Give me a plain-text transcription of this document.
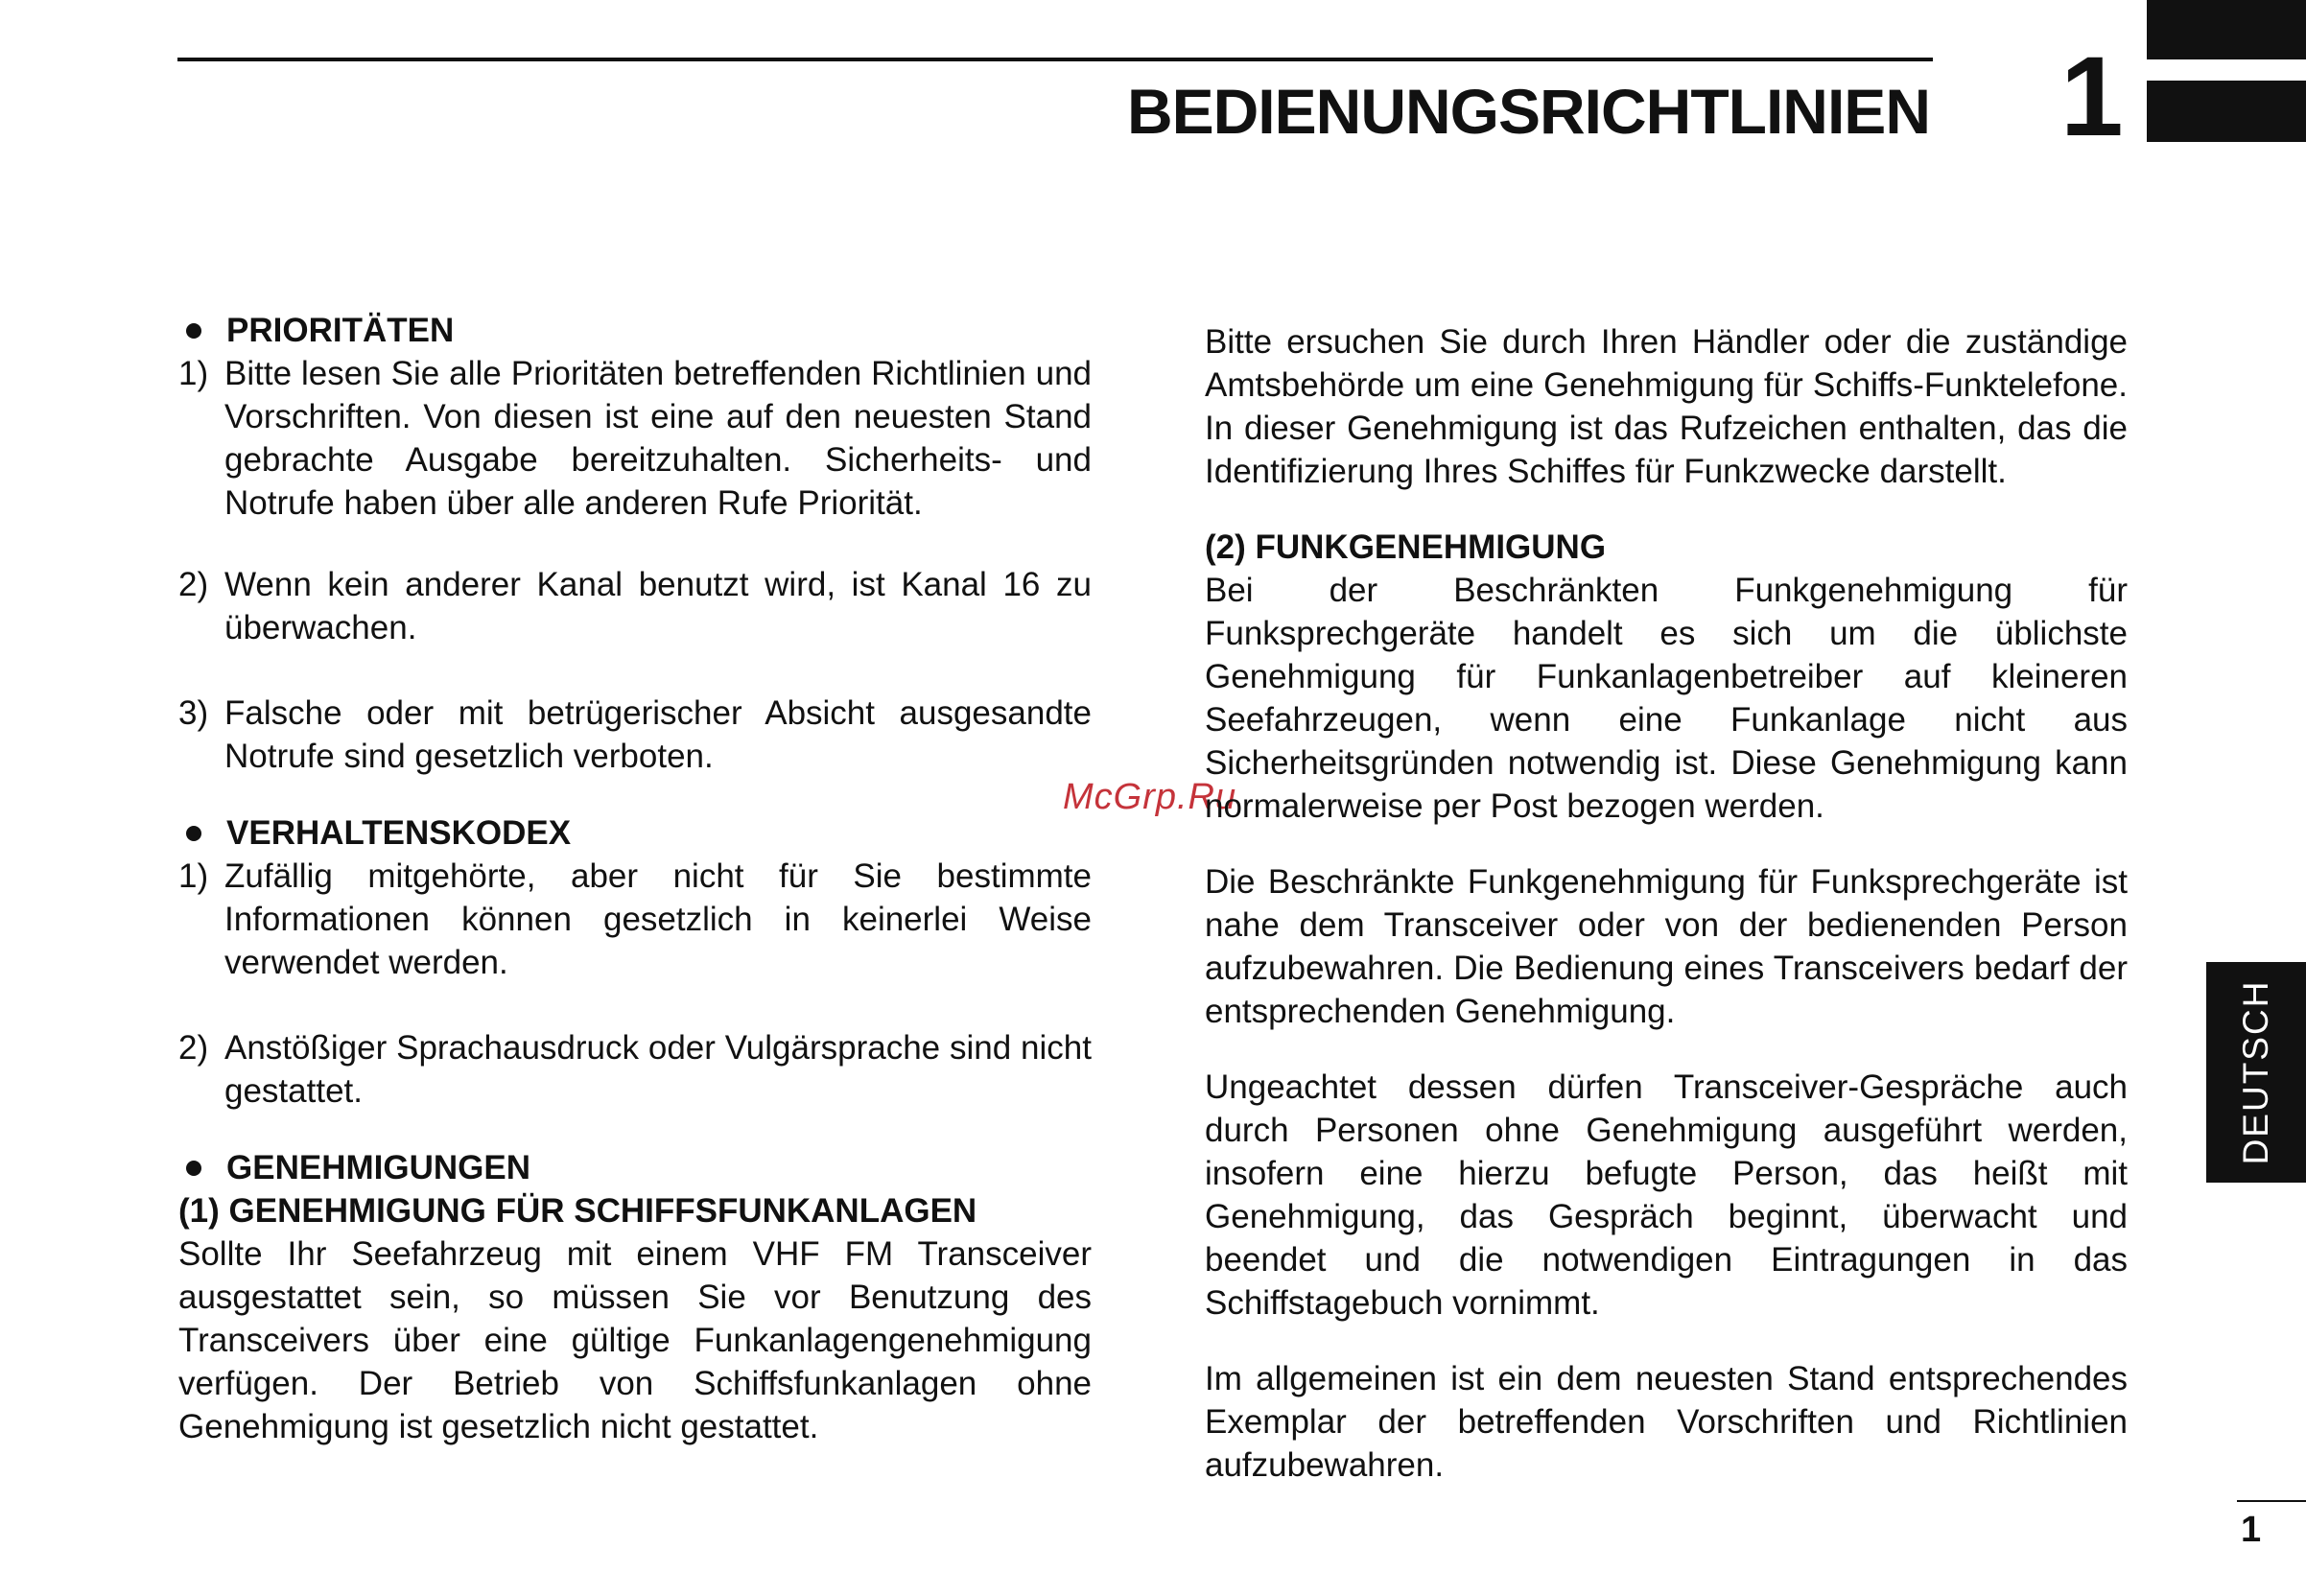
BEDIENUNGSRICHTLINIEN 1
DEUTSCH
McGrp.Ru
PRIORITÄTEN
1) Bitte lesen Sie alle Prioritäten betreffenden Richtlinien und Vorschriften. Von diesen ist eine auf den neuesten Stand gebrachte Ausgabe bereitzuhalten. Sicherheits- und Notrufe haben über alle anderen Rufe Priorität.

2) Wenn kein anderer Kanal benutzt wird, ist Kanal 16 zu überwachen.

3) Falsche oder mit betrügerischer Absicht ausgesandte Notrufe sind gesetzlich verboten.

VERHALTENSKODEX
1) Zufällig mitgehörte, aber nicht für Sie bestimmte Informationen können gesetzlich in keinerlei Weise verwendet werden.

2) Anstößiger Sprachausdruck oder Vulgärsprache sind nicht gestattet.

GENEHMIGUNGEN
(1) GENEHMIGUNG FÜR SCHIFFSFUNKANLAGEN

Sollte Ihr Seefahrzeug mit einem VHF FM Transceiver ausgestattet sein, so müssen Sie vor Benutzung des Transceivers über eine gültige Funkanlagengenehmigung verfügen. Der Betrieb von Schiffsfunkanlagen ohne Genehmigung ist gesetzlich nicht gestattet.

Bitte ersuchen Sie durch Ihren Händler oder die zuständige Amtsbehörde um eine Genehmigung für Schiffs-Funktelefone. In dieser Genehmigung ist das Rufzeichen enthalten, das die Identifizierung Ihres Schiffes für Funkzwecke darstellt.

(2) FUNKGENEHMIGUNG

Bei der Beschränkten Funkgenehmigung für Funksprechgeräte handelt es sich um die üblichste Genehmigung für Funkanlagenbetreiber auf kleineren Seefahrzeugen, wenn eine Funkanlage nicht aus Sicherheitsgründen notwendig ist. Diese Genehmigung kann normalerweise per Post bezogen werden.

Die Beschränkte Funkgenehmigung für Funksprechgeräte ist nahe dem Transceiver oder von der bedienenden Person aufzubewahren. Die Bedienung eines Transceivers bedarf der entsprechenden Genehmigung.

Ungeachtet dessen dürfen Transceiver-Gespräche auch durch Personen ohne Genehmigung ausgeführt werden, insofern eine hierzu befugte Person, das heißt mit Genehmigung, das Gespräch beginnt, überwacht und beendet und die notwendigen Eintragungen in das Schiffstagebuch vornimmt.

Im allgemeinen ist ein dem neuesten Stand entsprechendes Exemplar der betreffenden Vorschriften und Richtlinien aufzubewahren.

1
